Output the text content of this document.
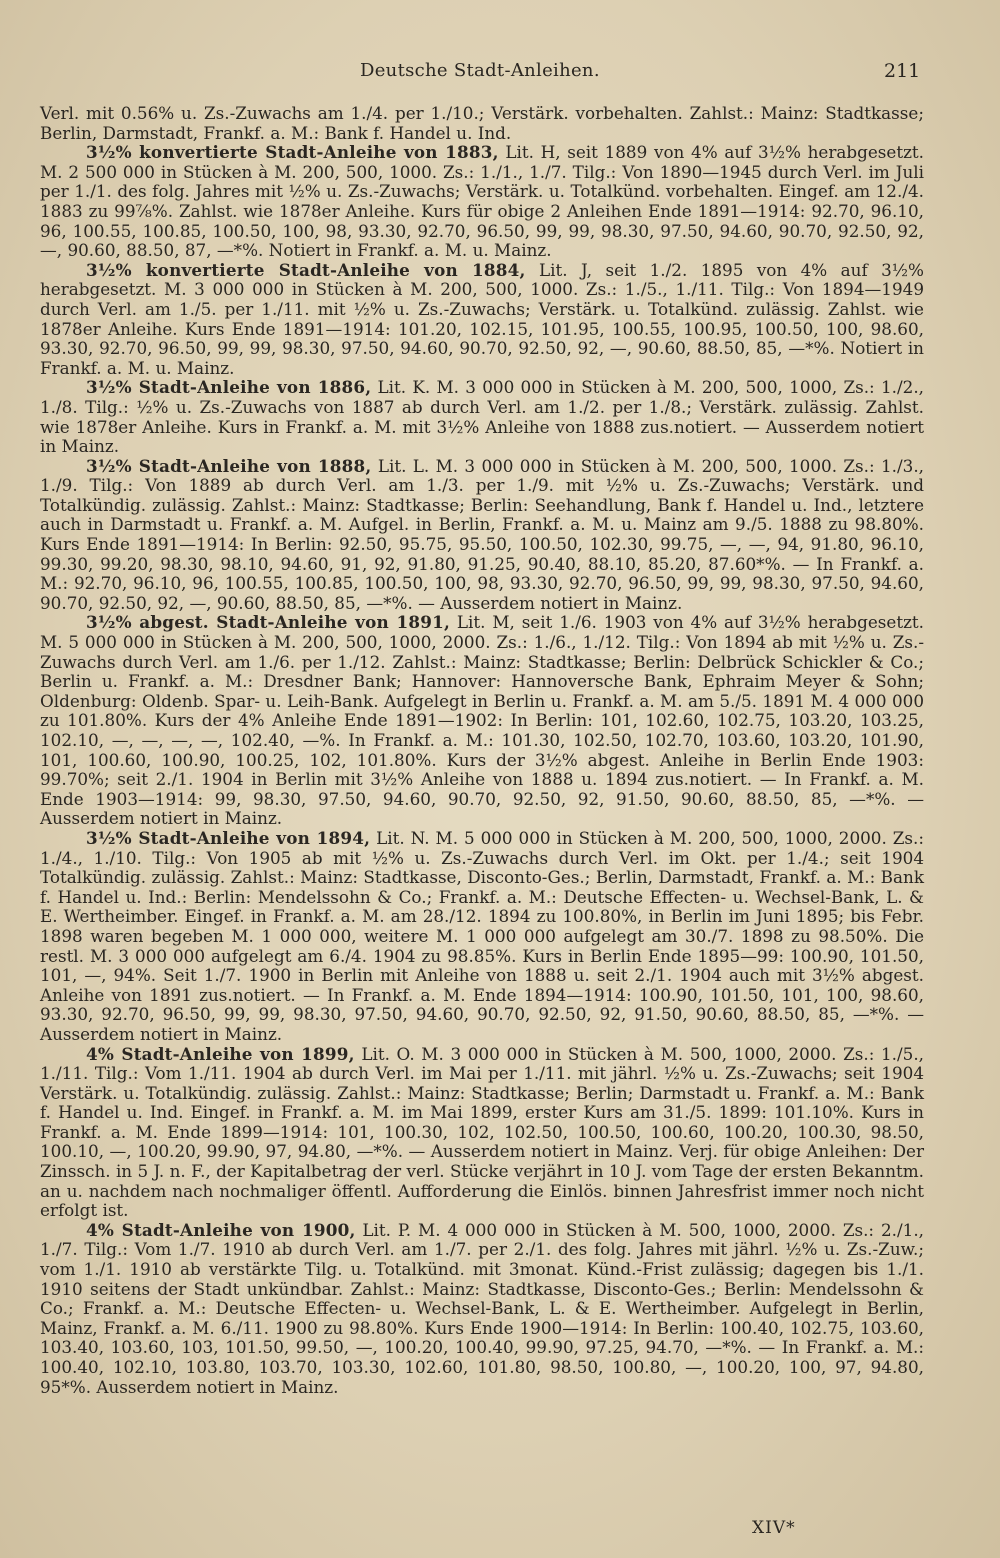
Deutsche Stadt-Anleihen.	211

Verl. mit 0.56% u. Zs.-Zuwachs am 1./4. per 1./10.; Verstärk. vorbehalten. Zahlst.: Mainz: Stadtkasse; Berlin, Darmstadt, Frankf. a. M.: Bank f. Handel u. Ind.

3½% konvertierte Stadt-Anleihe von 1883, Lit. H, seit 1889 von 4% auf 3½% herabgesetzt. M. 2 500 000 in Stücken à M. 200, 500, 1000. Zs.: 1./1., 1./7. Tilg.: Von 1890—1945 durch Verl. im Juli per 1./1. des folg. Jahres mit ½% u. Zs.-Zuwachs; Verstärk. u. Totalkünd. vorbehalten. Eingef. am 12./4. 1883 zu 99⅞%. Zahlst. wie 1878er Anleihe. Kurs für obige 2 Anleihen Ende 1891—1914: 92.70, 96.10, 96, 100.55, 100.85, 100.50, 100, 98, 93.30, 92.70, 96.50, 99, 99, 98.30, 97.50, 94.60, 90.70, 92.50, 92, —, 90.60, 88.50, 87, —*%. Notiert in Frankf. a. M. u. Mainz.

3½% konvertierte Stadt-Anleihe von 1884, Lit. J, seit 1./2. 1895 von 4% auf 3½% herabgesetzt. M. 3 000 000 in Stücken à M. 200, 500, 1000. Zs.: 1./5., 1./11. Tilg.: Von 1894—1949 durch Verl. am 1./5. per 1./11. mit ½% u. Zs.-Zuwachs; Verstärk. u. Totalkünd. zulässig. Zahlst. wie 1878er Anleihe. Kurs Ende 1891—1914: 101.20, 102.15, 101.95, 100.55, 100.95, 100.50, 100, 98.60, 93.30, 92.70, 96.50, 99, 99, 98.30, 97.50, 94.60, 90.70, 92.50, 92, —, 90.60, 88.50, 85, —*%. Notiert in Frankf. a. M. u. Mainz.

3½% Stadt-Anleihe von 1886, Lit. K. M. 3 000 000 in Stücken à M. 200, 500, 1000, Zs.: 1./2., 1./8. Tilg.: ½% u. Zs.-Zuwachs von 1887 ab durch Verl. am 1./2. per 1./8.; Verstärk. zulässig. Zahlst. wie 1878er Anleihe. Kurs in Frankf. a. M. mit 3½% Anleihe von 1888 zus.notiert. — Ausserdem notiert in Mainz.

3½% Stadt-Anleihe von 1888, Lit. L. M. 3 000 000 in Stücken à M. 200, 500, 1000. Zs.: 1./3., 1./9. Tilg.: Von 1889 ab durch Verl. am 1./3. per 1./9. mit ½% u. Zs.-Zuwachs; Verstärk. und Totalkündig. zulässig. Zahlst.: Mainz: Stadtkasse; Berlin: Seehandlung, Bank f. Handel u. Ind., letztere auch in Darmstadt u. Frankf. a. M. Aufgel. in Berlin, Frankf. a. M. u. Mainz am 9./5. 1888 zu 98.80%. Kurs Ende 1891—1914: In Berlin: 92.50, 95.75, 95.50, 100.50, 102.30, 99.75, —, —, 94, 91.80, 96.10, 99.30, 99.20, 98.30, 98.10, 94.60, 91, 92, 91.80, 91.25, 90.40, 88.10, 85.20, 87.60*%. — In Frankf. a. M.: 92.70, 96.10, 96, 100.55, 100.85, 100.50, 100, 98, 93.30, 92.70, 96.50, 99, 99, 98.30, 97.50, 94.60, 90.70, 92.50, 92, —, 90.60, 88.50, 85, —*%. — Ausserdem notiert in Mainz.

3½% abgest. Stadt-Anleihe von 1891, Lit. M, seit 1./6. 1903 von 4% auf 3½% herabgesetzt. M. 5 000 000 in Stücken à M. 200, 500, 1000, 2000. Zs.: 1./6., 1./12. Tilg.: Von 1894 ab mit ½% u. Zs.-Zuwachs durch Verl. am 1./6. per 1./12. Zahlst.: Mainz: Stadtkasse; Berlin: Delbrück Schickler & Co.; Berlin u. Frankf. a. M.: Dresdner Bank; Hannover: Hannoversche Bank, Ephraim Meyer & Sohn; Oldenburg: Oldenb. Spar- u. Leih-Bank. Aufgelegt in Berlin u. Frankf. a. M. am 5./5. 1891 M. 4 000 000 zu 101.80%. Kurs der 4% Anleihe Ende 1891—1902: In Berlin: 101, 102.60, 102.75, 103.20, 103.25, 102.10, —, —, —, —, 102.40, —%. In Frankf. a. M.: 101.30, 102.50, 102.70, 103.60, 103.20, 101.90, 101, 100.60, 100.90, 100.25, 102, 101.80%. Kurs der 3½% abgest. Anleihe in Berlin Ende 1903: 99.70%; seit 2./1. 1904 in Berlin mit 3½% Anleihe von 1888 u. 1894 zus.notiert. — In Frankf. a. M. Ende 1903—1914: 99, 98.30, 97.50, 94.60, 90.70, 92.50, 92, 91.50, 90.60, 88.50, 85, —*%. — Ausserdem notiert in Mainz.

3½% Stadt-Anleihe von 1894, Lit. N. M. 5 000 000 in Stücken à M. 200, 500, 1000, 2000. Zs.: 1./4., 1./10. Tilg.: Von 1905 ab mit ½% u. Zs.-Zuwachs durch Verl. im Okt. per 1./4.; seit 1904 Totalkündig. zulässig. Zahlst.: Mainz: Stadtkasse, Disconto-Ges.; Berlin, Darmstadt, Frankf. a. M.: Bank f. Handel u. Ind.: Berlin: Mendelssohn & Co.; Frankf. a. M.: Deutsche Effecten- u. Wechsel-Bank, L. & E. Wertheimber. Eingef. in Frankf. a. M. am 28./12. 1894 zu 100.80%, in Berlin im Juni 1895; bis Febr. 1898 waren begeben M. 1 000 000, weitere M. 1 000 000 aufgelegt am 30./7. 1898 zu 98.50%. Die restl. M. 3 000 000 aufgelegt am 6./4. 1904 zu 98.85%. Kurs in Berlin Ende 1895—99: 100.90, 101.50, 101, —, 94%. Seit 1./7. 1900 in Berlin mit Anleihe von 1888 u. seit 2./1. 1904 auch mit 3½% abgest. Anleihe von 1891 zus.notiert. — In Frankf. a. M. Ende 1894—1914: 100.90, 101.50, 101, 100, 98.60, 93.30, 92.70, 96.50, 99, 99, 98.30, 97.50, 94.60, 90.70, 92.50, 92, 91.50, 90.60, 88.50, 85, —*%. — Ausserdem notiert in Mainz.

4% Stadt-Anleihe von 1899, Lit. O. M. 3 000 000 in Stücken à M. 500, 1000, 2000. Zs.: 1./5., 1./11. Tilg.: Vom 1./11. 1904 ab durch Verl. im Mai per 1./11. mit jährl. ½% u. Zs.-Zuwachs; seit 1904 Verstärk. u. Totalkündig. zulässig. Zahlst.: Mainz: Stadtkasse; Berlin; Darmstadt u. Frankf. a. M.: Bank f. Handel u. Ind. Eingef. in Frankf. a. M. im Mai 1899, erster Kurs am 31./5. 1899: 101.10%. Kurs in Frankf. a. M. Ende 1899—1914: 101, 100.30, 102, 102.50, 100.50, 100.60, 100.20, 100.30, 98.50, 100.10, —, 100.20, 99.90, 97, 94.80, —*%. — Ausserdem notiert in Mainz. Verj. für obige Anleihen: Der Zinssch. in 5 J. n. F., der Kapitalbetrag der verl. Stücke verjährt in 10 J. vom Tage der ersten Bekanntm. an u. nachdem nach nochmaliger öffentl. Aufforderung die Einlös. binnen Jahresfrist immer noch nicht erfolgt ist.

4% Stadt-Anleihe von 1900, Lit. P. M. 4 000 000 in Stücken à M. 500, 1000, 2000. Zs.: 2./1., 1./7. Tilg.: Vom 1./7. 1910 ab durch Verl. am 1./7. per 2./1. des folg. Jahres mit jährl. ½% u. Zs.-Zuw.; vom 1./1. 1910 ab verstärkte Tilg. u. Totalkünd. mit 3monat. Künd.-Frist zulässig; dagegen bis 1./1. 1910 seitens der Stadt unkündbar. Zahlst.: Mainz: Stadtkasse, Disconto-Ges.; Berlin: Mendelssohn & Co.; Frankf. a. M.: Deutsche Effecten- u. Wechsel-Bank, L. & E. Wertheimber. Aufgelegt in Berlin, Mainz, Frankf. a. M. 6./11. 1900 zu 98.80%. Kurs Ende 1900—1914: In Berlin: 100.40, 102.75, 103.60, 103.40, 103.60, 103, 101.50, 99.50, —, 100.20, 100.40, 99.90, 97.25, 94.70, —*%. — In Frankf. a. M.: 100.40, 102.10, 103.80, 103.70, 103.30, 102.60, 101.80, 98.50, 100.80, —, 100.20, 100, 97, 94.80, 95*%. Ausserdem notiert in Mainz.

XIV*
